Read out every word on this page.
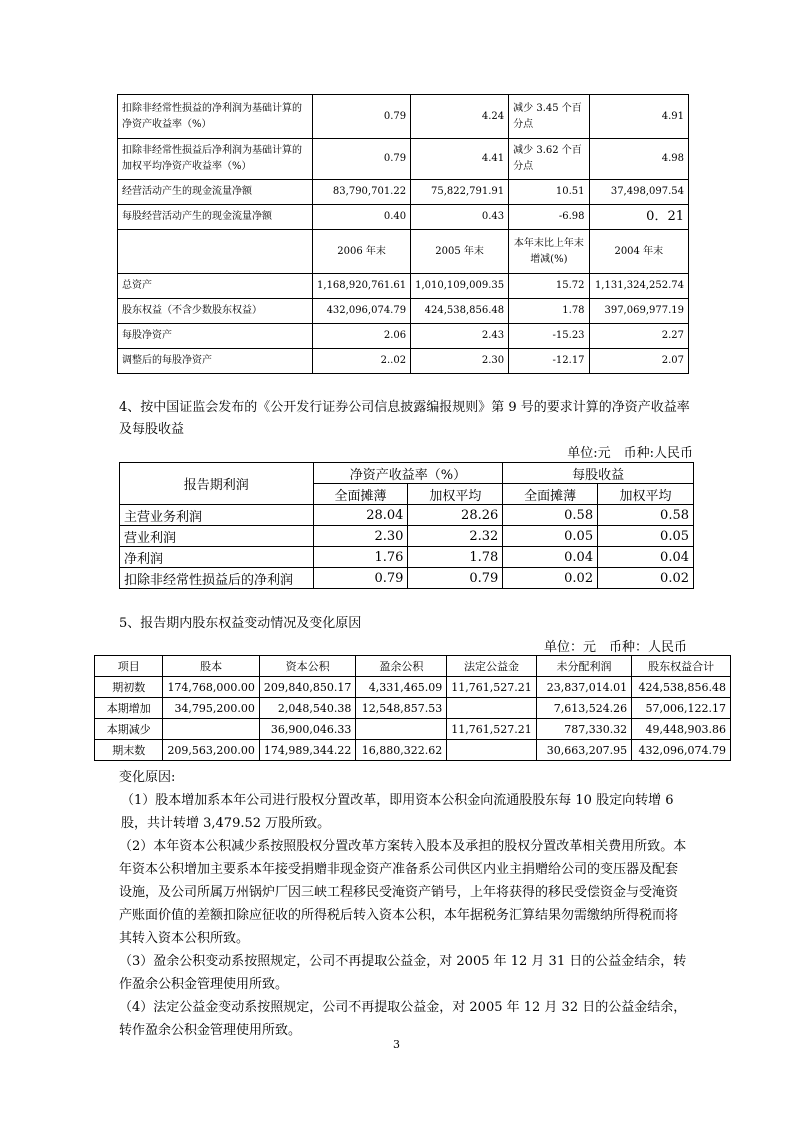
扣除非经常性损益的净利润为基础计算的净资产收益率（%）	0.79	4.24	减少 3.45 个百分点	4.91
扣除非经常性损益后净利润为基础计算的加权平均净资产收益率（%）	0.79	4.41	减少 3.62 个百分点	4.98
经营活动产生的现金流量净额	83,790,701.22	75,822,791.91	10.51	37,498,097.54
每股经营活动产生的现金流量净额	0.40	0.43	-6.98	0．21
	2006 年末	2005 年末	本年末比上年末增减(%)	2004 年末
总资产	1,168,920,761.61	1,010,109,009.35	15.72	1,131,324,252.74
股东权益（不含少数股东权益）	432,096,074.79	424,538,856.48	1.78	397,069,977.19
每股净资产	2.06	2.43	-15.23	2.27
调整后的每股净资产	2..02	2.30	-12.17	2.07
4、按中国证监会发布的《公开发行证券公司信息披露编报规则》第 9 号的要求计算的净资产收益率及每股收益
单位:元　币种:人民币
报告期利润	净资产收益率（%）		每股收益	
	全面摊薄	加权平均	全面摊薄	加权平均
主营业务利润	28.04	28.26	0.58	0.58
营业利润	2.30	2.32	0.05	0.05
净利润	1.76	1.78	0.04	0.04
扣除非经常性损益后的净利润	0.79	0.79	0.02	0.02
5、报告期内股东权益变动情况及变化原因
单位：元　币种：人民币
项目	股本	资本公积	盈余公积	法定公益金	未分配利润	股东权益合计
期初数	174,768,000.00	209,840,850.17	4,331,465.09	11,761,527.21	23,837,014.01	424,538,856.48
本期增加	34,795,200.00	2,048,540.38	12,548,857.53		7,613,524.26	57,006,122.17
本期减少		36,900,046.33		11,761,527.21	787,330.32	49,448,903.86
期末数	209,563,200.00	174,989,344.22	16,880,322.62		30,663,207.95	432,096,074.79

变化原因:

（1）股本增加系本年公司进行股权分置改革，即用资本公积金向流通股股东每 10 股定向转增 6 股，共计转增 3,479.52 万股所致。

（2）本年资本公积减少系按照股权分置改革方案转入股本及承担的股权分置改革相关费用所致。本年资本公积增加主要系本年接受捐赠非现金资产准备系公司供区内业主捐赠给公司的变压器及配套设施，及公司所属万州锅炉厂因三峡工程移民受淹资产销号，上年将获得的移民受偿资金与受淹资产账面价值的差额扣除应征收的所得税后转入资本公积，本年据税务汇算结果勿需缴纳所得税而将其转入资本公积所致。

（3）盈余公积变动系按照规定，公司不再提取公益金，对 2005 年 12 月 31 日的公益金结余，转作盈余公积金管理使用所致。

（4）法定公益金变动系按照规定，公司不再提取公益金，对 2005 年 12 月 32 日的公益金结余，转作盈余公积金管理使用所致。

3
